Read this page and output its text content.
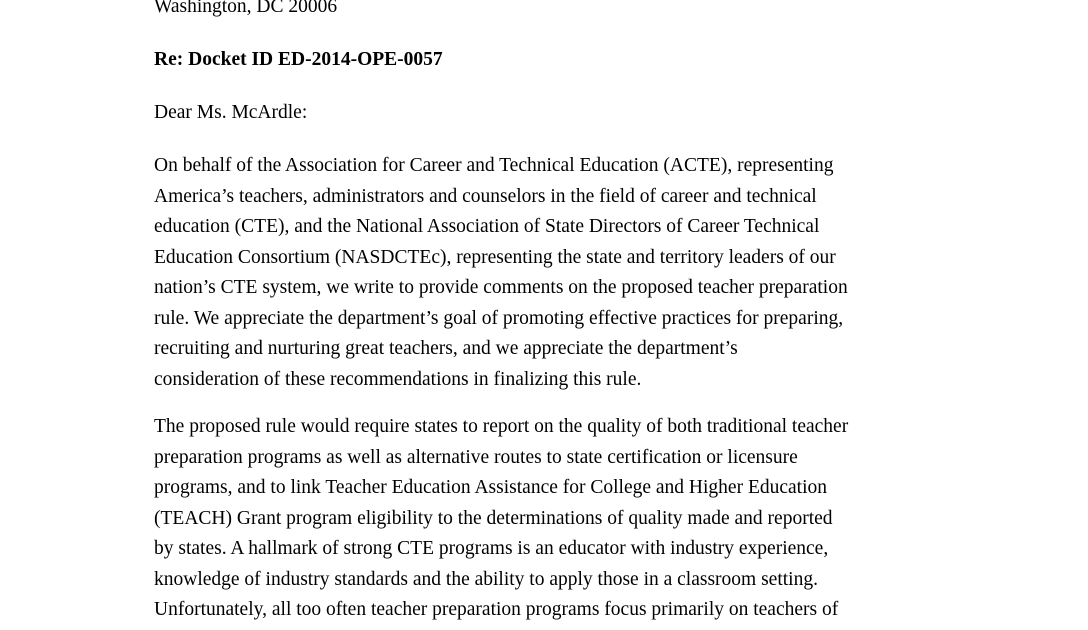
Washington, DC 20006
Re: Docket ID ED-2014-OPE-0057
Dear Ms. McArdle:
On behalf of the Association for Career and Technical Education (ACTE), representing
America’s teachers, administrators and counselors in the field of career and technical
education (CTE), and the National Association of State Directors of Career Technical
Education Consortium (NASDCTEc), representing the state and territory leaders of our
nation’s CTE system, we write to provide comments on the proposed teacher preparation
rule. We appreciate the department’s goal of promoting effective practices for preparing,
recruiting and nurturing great teachers, and we appreciate the department’s
consideration of these recommendations in finalizing this rule.
The proposed rule would require states to report on the quality of both traditional teacher
preparation programs as well as alternative routes to state certification or licensure
programs, and to link Teacher Education Assistance for College and Higher Education
(TEACH) Grant program eligibility to the determinations of quality made and reported
by states. A hallmark of strong CTE programs is an educator with industry experience,
knowledge of industry standards and the ability to apply those in a classroom setting.
Unfortunately, all too often teacher preparation programs focus primarily on teachers of
